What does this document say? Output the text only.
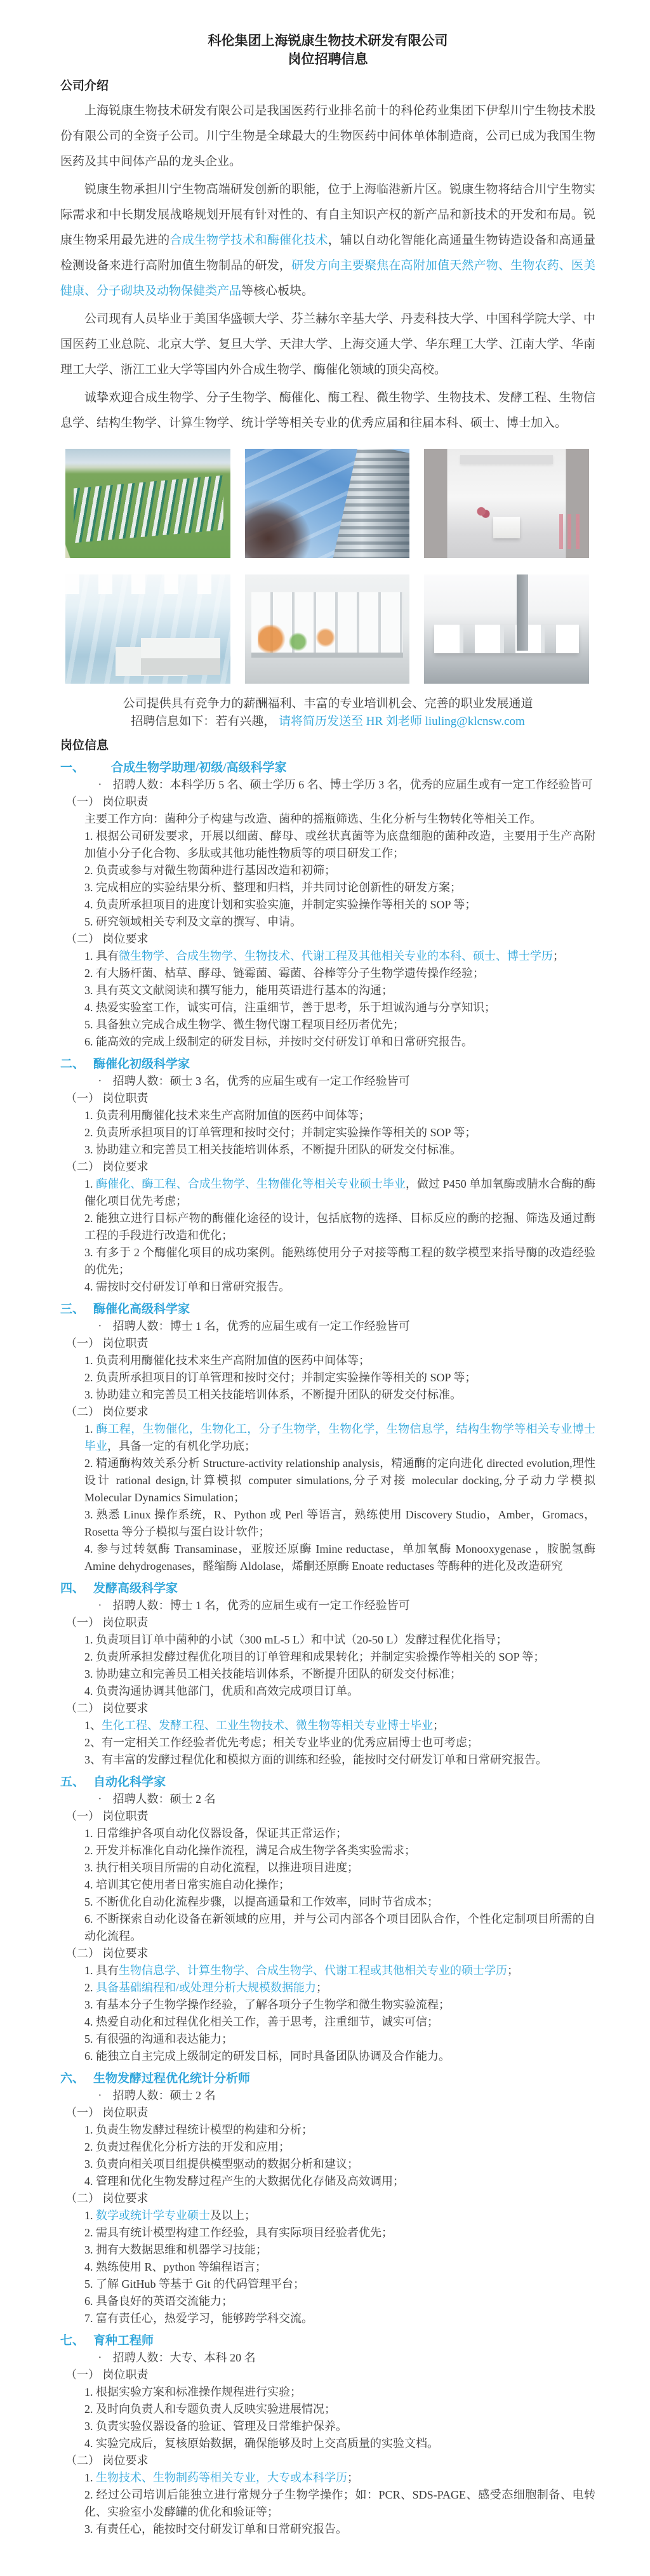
科伦集团上海锐康生物技术研发有限公司
岗位招聘信息
公司介绍

上海锐康生物技术研发有限公司是我国医药行业排名前十的科伦药业集团下伊犁川宁生物技术股份有限公司的全资子公司。川宁生物是全球最大的生物医药中间体单体制造商，公司已成为我国生物医药及其中间体产品的龙头企业。

锐康生物承担川宁生物高端研发创新的职能，位于上海临港新片区。锐康生物将结合川宁生物实际需求和中长期发展战略规划开展有针对性的、有自主知识产权的新产品和新技术的开发和布局。锐康生物采用最先进的合成生物学技术和酶催化技术，辅以自动化智能化高通量生物铸造设备和高通量检测设备来进行高附加值生物制品的研发，研发方向主要聚焦在高附加值天然产物、生物农药、医美健康、分子砌块及动物保健类产品等核心板块。

公司现有人员毕业于美国华盛顿大学、芬兰赫尔辛基大学、丹麦科技大学、中国科学院大学、中国医药工业总院、北京大学、复旦大学、天津大学、上海交通大学、华东理工大学、江南大学、华南理工大学、浙江工业大学等国内外合成生物学、酶催化领域的顶尖高校。

诚挚欢迎合成生物学、分子生物学、酶催化、酶工程、微生物学、生物技术、发酵工程、生物信息学、结构生物学、计算生物学、统计学等相关专业的优秀应届和往届本科、硕士、博士加入。

公司提供具有竞争力的薪酬福利、丰富的专业培训机会、完善的职业发展通道

招聘信息如下：若有兴趣， 请将简历发送至 HR 刘老师 liuling@klcnsw.com

岗位信息
一、 合成生物学助理/初级/高级科学家
· 招聘人数：本科学历 5 名、硕士学历 6 名、博士学历 3 名，优秀的应届生或有一定工作经验皆可
（一） 岗位职责
主要工作方向：菌种分子构建与改造、菌种的摇瓶筛选、生化分析与生物转化等相关工作。
1. 根据公司研发要求，开展以细菌、酵母、或丝状真菌等为底盘细胞的菌种改造，主要用于生产高附加值小分子化合物、多肽或其他功能性物质等的项目研发工作；
2. 负责或参与对微生物菌种进行基因改造和初筛；
3. 完成相应的实验结果分析、整理和归档，并共同讨论创新性的研发方案；
4. 负责所承担项目的进度计划和实验实施，并制定实验操作等相关的 SOP 等；
5. 研究领域相关专利及文章的撰写、申请。
（二） 岗位要求
1. 具有微生物学、合成生物学、生物技术、代谢工程及其他相关专业的本科、硕士、博士学历；
2. 有大肠杆菌、枯草、酵母、链霉菌、霉菌、谷棒等分子生物学遗传操作经验；
3. 具有英文文献阅读和撰写能力，能用英语进行基本的沟通；
4. 热爱实验室工作，诚实可信，注重细节，善于思考，乐于坦诚沟通与分享知识；
5. 具备独立完成合成生物学、微生物代谢工程项目经历者优先；
6. 能高效的完成上级制定的研发目标，并按时交付研发订单和日常研究报告。
二、 酶催化初级科学家
· 招聘人数：硕士 3 名，优秀的应届生或有一定工作经验皆可
（一） 岗位职责
1. 负责利用酶催化技术来生产高附加值的医药中间体等；
2. 负责所承担项目的订单管理和按时交付；并制定实验操作等相关的 SOP 等；
3. 协助建立和完善员工相关技能培训体系，不断提升团队的研发交付标准。
（二） 岗位要求
1. 酶催化、酶工程、合成生物学、生物催化等相关专业硕士毕业，做过 P450 单加氧酶或腈水合酶的酶催化项目优先考虑；
2. 能独立进行目标产物的酶催化途径的设计，包括底物的选择、目标反应的酶的挖掘、筛选及通过酶工程的手段进行改造和优化；
3. 有多于 2 个酶催化项目的成功案例。能熟练使用分子对接等酶工程的数学模型来指导酶的改造经验的优先；
4. 需按时交付研发订单和日常研究报告。
三、 酶催化高级科学家
· 招聘人数：博士 1 名，优秀的应届生或有一定工作经验皆可
（一） 岗位职责
1. 负责利用酶催化技术来生产高附加值的医药中间体等；
2. 负责所承担项目的订单管理和按时交付；并制定实验操作等相关的 SOP 等；
3. 协助建立和完善员工相关技能培训体系，不断提升团队的研发交付标准。
（二） 岗位要求
1. 酶工程，生物催化，生物化工，分子生物学，生物化学，生物信息学，结构生物学等相关专业博士毕业，具备一定的有机化学功底；
2. 精通酶构效关系分析 Structure-activity relationship analysis，精通酶的定向进化 directed evolution,理性设计 rational design,计算模拟 computer simulations,分子对接 molecular docking,分子动力学模拟 Molecular Dynamics Simulation；
3. 熟悉 Linux 操作系统，R、Python 或 Perl 等语言，熟练使用 Discovery Studio，Amber，Gromacs，Rosetta 等分子模拟与蛋白设计软件；
4. 参与过转氨酶 Transaminase，亚胺还原酶 Imine reductase，单加氧酶 Monooxygenase ，胺脱氢酶 Amine dehydrogenases，醛缩酶 Aldolase，烯酮还原酶 Enoate reductases 等酶种的进化及改造研究
四、 发酵高级科学家
· 招聘人数：博士 1 名，优秀的应届生或有一定工作经验皆可
（一） 岗位职责
1. 负责项目订单中菌种的小试（300 mL-5 L）和中试（20-50 L）发酵过程优化指导；
2. 负责所承担发酵过程优化项目的订单管理和成果转化；并制定实验操作等相关的 SOP 等；
3. 协助建立和完善员工相关技能培训体系，不断提升团队的研发交付标准；
4. 负责沟通协调其他部门，优质和高效完成项目订单。
（二） 岗位要求
1、生化工程、发酵工程、工业生物技术、微生物等相关专业博士毕业；
2、有一定相关工作经验者优先考虑；相关专业毕业的优秀应届博士也可考虑；
3、有丰富的发酵过程优化和模拟方面的训练和经验，能按时交付研发订单和日常研究报告。
五、 自动化科学家
· 招聘人数：硕士 2 名
（一） 岗位职责
1. 日常维护各项自动化仪器设备，保证其正常运作；
2. 开发并标准化自动化操作流程，满足合成生物学各类实验需求；
3. 执行相关项目所需的自动化流程，以推进项目进度；
4. 培训其它使用者日常实施自动化操作；
5. 不断优化自动化流程步骤，以提高通量和工作效率，同时节省成本；
6. 不断探索自动化设备在新领域的应用，并与公司内部各个项目团队合作，个性化定制项目所需的自动化流程。
（二） 岗位要求
1. 具有生物信息学、计算生物学、合成生物学、代谢工程或其他相关专业的硕士学历；
2. 具备基础编程和/或处理分析大规模数据能力；
3. 有基本分子生物学操作经验，了解各项分子生物学和微生物实验流程；
4. 热爱自动化和过程优化相关工作，善于思考，注重细节，诚实可信；
5. 有很强的沟通和表达能力；
6. 能独立自主完成上级制定的研发目标，同时具备团队协调及合作能力。
六、 生物发酵过程优化统计分析师
· 招聘人数：硕士 2 名
（一） 岗位职责
1. 负责生物发酵过程统计模型的构建和分析；
2. 负责过程优化分析方法的开发和应用；
3. 负责向相关项目组提供模型驱动的数据分析和建议；
4. 管理和优化生物发酵过程产生的大数据优化存储及高效调用；
（二） 岗位要求
1. 数学或统计学专业硕士及以上；
2. 需具有统计模型构建工作经验，具有实际项目经验者优先；
3. 拥有大数据思维和机器学习技能；
4. 熟练使用 R、python 等编程语言；
5. 了解 GitHub 等基于 Git 的代码管理平台；
6. 具备良好的英语交流能力；
7. 富有责任心，热爱学习，能够跨学科交流。
七、 育种工程师
· 招聘人数：大专、本科 20 名
（一） 岗位职责
1. 根据实验方案和标准操作规程进行实验；
2. 及时向负责人和专题负责人反映实验进展情况；
3. 负责实验仪器设备的验证、管理及日常维护保养。
4. 实验完成后，复核原始数据，确保能够及时上交高质量的实验文档。
（二） 岗位要求
1. 生物技术、生物制药等相关专业，大专或本科学历；
2. 经过公司培训后能独立进行常规分子生物学操作；如：PCR、SDS-PAGE、感受态细胞制备、电转化、实验室小发酵罐的优化和验证等；
3. 有责任心，能按时交付研发订单和日常研究报告。
